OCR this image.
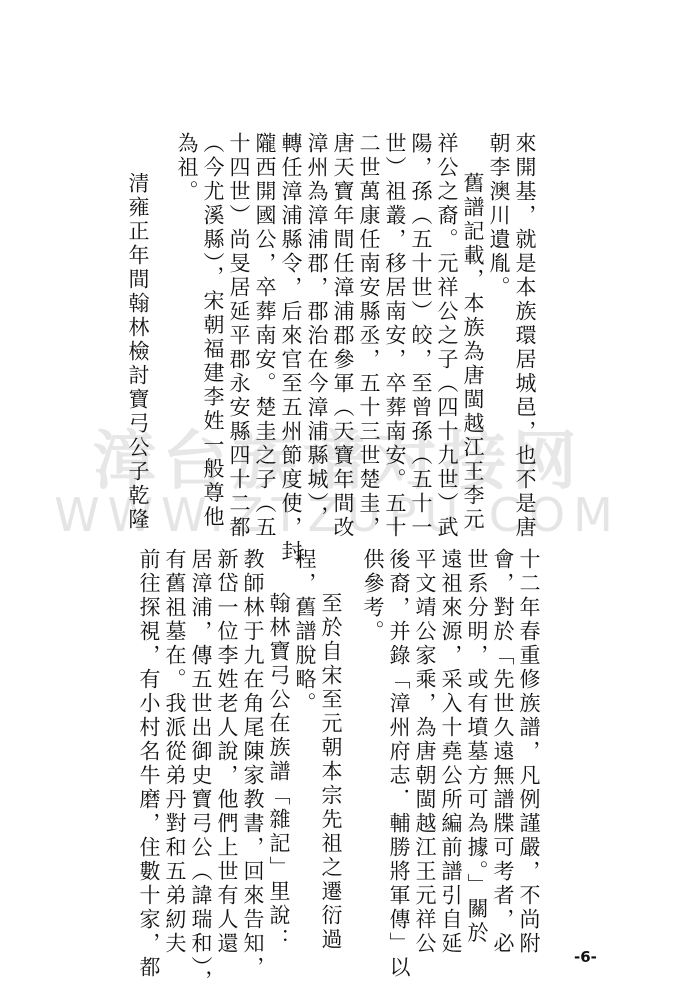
漳台族谱对接网
WWW.ZTZUPU.COM
來開基，就是本族環居城邑，也不是唐
朝李澳川遺胤。
舊譜記載，本族為唐閩越江王李元
祥公之裔。元祥公之子（四十九世）武
陽，孫（五十世）皎，至曾孫（五十一
世）祖叢，移居南安，卒葬南安。五十
二世萬康任南安縣丞，五十三世楚圭，
唐天寶年間任漳浦郡參軍（天寶年間改
漳州為漳浦郡，郡治在今漳浦縣城），
轉任漳浦縣令，后來官至五州節度使，封
隴西開國公，卒葬南安。楚圭之子（五
十四世）尚旻居延平郡永安縣四十二都
（今尤溪縣），宋朝福建李姓一般尊他
為祖。
清雍正年間翰林檢討寶弓公子乾隆
十二年春重修族譜，凡例謹嚴，不尚附
會，對於「先世久遠無譜牒可考者，必
世系分明，或有墳墓方可為據。」關於
遠祖來源，采入十堯公所編前譜引自延
平文靖公家乘，為唐朝閩越江王元祥公
後裔，并錄「漳州府志．輔勝將軍傳」以
供參考。
至於自宋至元朝本宗先祖之遷衍過
程，舊譜脫略。
翰林寶弓公在族譜「雜記」里說：
教師林于九在角尾陳家教書，回來告知，
新岱一位李姓老人說，他們上世有人還
居漳浦，傳五世出御史寶弓公（諱瑞和），
有舊祖墓在。我派從弟丹對和五弟紉夫
前往探視，有小村名牛磨，住數十家，都	-6-
